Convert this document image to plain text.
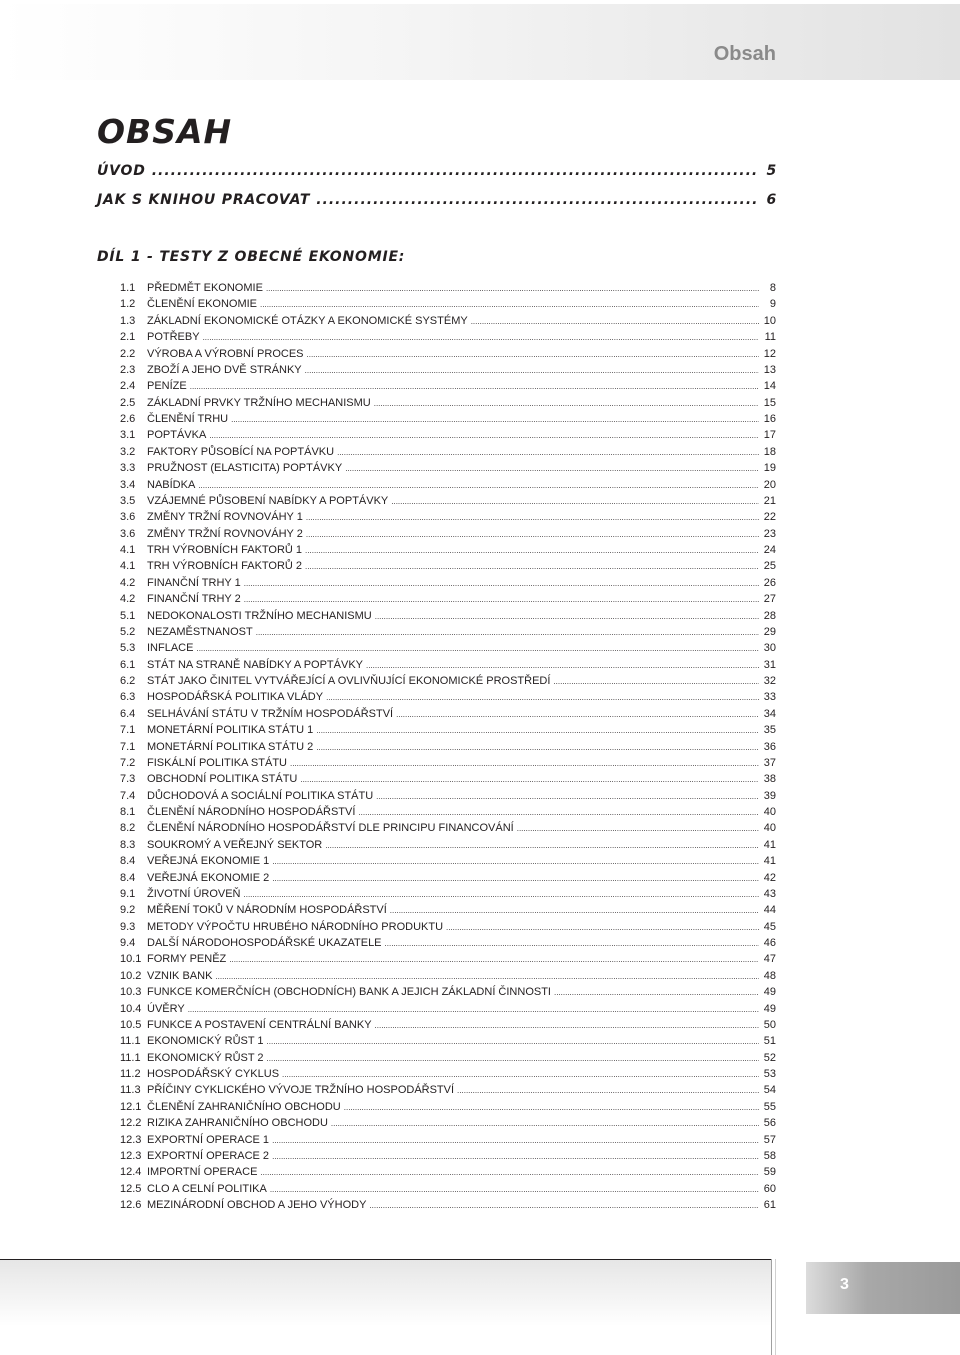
Obsah
OBSAH
ÚVOD .....	5
JAK S KNIHOU PRACOVAT .....	6
DÍL 1 - TESTY Z OBECNÉ EKONOMIE:
1.1	PŘEDMĚT EKONOMIE .....	8
1.2	ČLENĚNÍ EKONOMIE .....	9
1.3	ZÁKLADNÍ EKONOMICKÉ OTÁZKY A EKONOMICKÉ SYSTÉMY .....	10
2.1	POTŘEBY .....	11
2.2	VÝROBA A VÝROBNÍ PROCES .....	12
2.3	ZBOŽÍ A JEHO DVĚ STRÁNKY .....	13
2.4	PENÍZE .....	14
2.5	ZÁKLADNÍ PRVKY TRŽNÍHO MECHANISMU .....	15
2.6	ČLENĚNÍ TRHU .....	16
3.1	POPTÁVKA .....	17
3.2	FAKTORY PŮSOBÍCÍ NA POPTÁVKU .....	18
3.3	PRUŽNOST (ELASTICITA) POPTÁVKY .....	19
3.4	NABÍDKA .....	20
3.5	VZÁJEMNÉ PŮSOBENÍ NABÍDKY A POPTÁVKY .....	21
3.6	ZMĚNY TRŽNÍ ROVNOVÁHY 1 .....	22
3.6	ZMĚNY TRŽNÍ ROVNOVÁHY 2 .....	23
4.1	TRH VÝROBNÍCH FAKTORŮ 1 .....	24
4.1	TRH VÝROBNÍCH FAKTORŮ 2 .....	25
4.2	FINANČNÍ TRHY 1 .....	26
4.2	FINANČNÍ TRHY 2 .....	27
5.1	NEDOKONALOSTI TRŽNÍHO MECHANISMU .....	28
5.2	NEZAMĚSTNANOST .....	29
5.3	INFLACE .....	30
6.1	STÁT NA STRANĚ NABÍDKY A POPTÁVKY .....	31
6.2	STÁT JAKO ČINITEL VYTVÁŘEJÍCÍ A OVLIVŇUJÍCÍ EKONOMICKÉ PROSTŘEDÍ .....	32
6.3	HOSPODÁŘSKÁ POLITIKA VLÁDY .....	33
6.4	SELHÁVÁNÍ STÁTU V TRŽNÍM HOSPODÁŘSTVÍ .....	34
7.1	MONETÁRNÍ POLITIKA STÁTU 1 .....	35
7.1	MONETÁRNÍ POLITIKA STÁTU 2 .....	36
7.2	FISKÁLNÍ POLITIKA STÁTU .....	37
7.3	OBCHODNÍ POLITIKA STÁTU .....	38
7.4	DŮCHODOVÁ A SOCIÁLNÍ POLITIKA STÁTU .....	39
8.1	ČLENĚNÍ NÁRODNÍHO HOSPODÁŘSTVÍ .....	40
8.2	ČLENĚNÍ NÁRODNÍHO HOSPODÁŘSTVÍ DLE PRINCIPU FINANCOVÁNÍ .....	40
8.3	SOUKROMÝ A VEŘEJNÝ SEKTOR .....	41
8.4	VEŘEJNÁ EKONOMIE 1 .....	41
8.4	VEŘEJNÁ EKONOMIE 2 .....	42
9.1	ŽIVOTNÍ ÚROVEŇ .....	43
9.2	MĚŘENÍ TOKŮ V NÁRODNÍM HOSPODÁŘSTVÍ .....	44
9.3	METODY VÝPOČTU HRUBÉHO NÁRODNÍHO PRODUKTU .....	45
9.4	DALŠÍ NÁRODOHOSPODÁŘSKÉ UKAZATELE .....	46
10.1 FORMY PENĚZ .....	47
10.2 VZNIK BANK .....	48
10.3 FUNKCE KOMERČNÍCH (OBCHODNÍCH) BANK A JEJICH ZÁKLADNÍ ČINNOSTI .....	49
10.4 ÚVĚRY .....	49
10.5 FUNKCE A POSTAVENÍ CENTRÁLNÍ BANKY .....	50
11.1 EKONOMICKÝ RŮST 1 .....	51
11.1 EKONOMICKÝ RŮST 2 .....	52
11.2 HOSPODÁŘSKÝ CYKLUS .....	53
11.3 PŘÍČINY CYKLICKÉHO VÝVOJE TRŽNÍHO HOSPODÁŘSTVÍ .....	54
12.1 ČLENĚNÍ ZAHRANIČNÍHO OBCHODU .....	55
12.2 RIZIKA ZAHRANIČNÍHO OBCHODU .....	56
12.3 EXPORTNÍ OPERACE 1 .....	57
12.3 EXPORTNÍ OPERACE 2 .....	58
12.4 IMPORTNÍ OPERACE .....	59
12.5 CLO A CELNÍ POLITIKA .....	60
12.6 MEZINÁRODNÍ OBCHOD A JEHO VÝHODY .....	61
3
